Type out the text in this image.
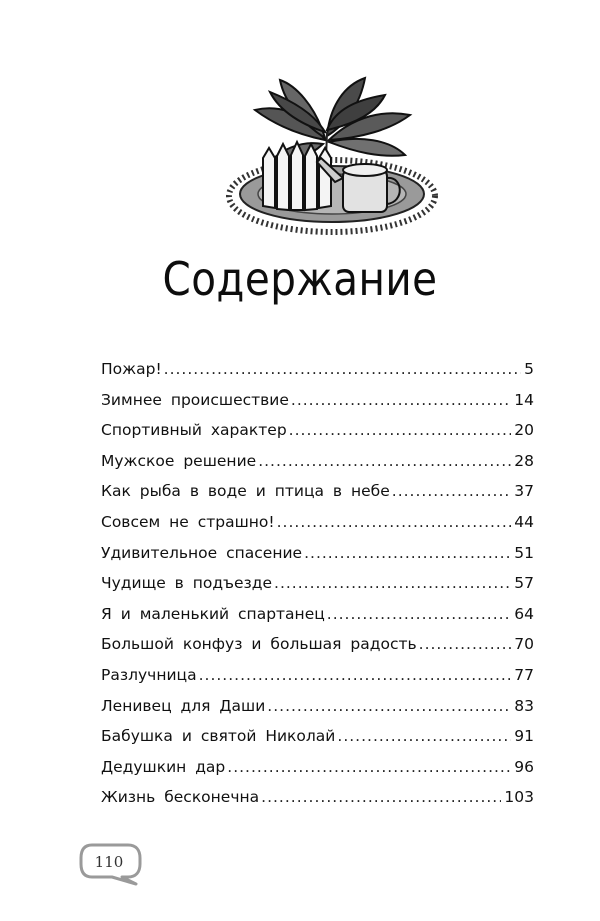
Содержание
Пожар! .....	5
Зимнее происшествие .....	14
Спортивный характер .....	20
Мужское решение .....	28
Как рыба в воде и птица в небе .....	37
Совсем не страшно! .....	44
Удивительное спасение .....	51
Чудище в подъезде .....	57
Я и маленький спартанец .....	64
Большой конфуз и большая радость .....	70
Разлучница .....	77
Ленивец для Даши .....	83
Бабушка и святой Николай .....	91
Дедушкин дар .....	96
Жизнь бесконечна .....	103
110
